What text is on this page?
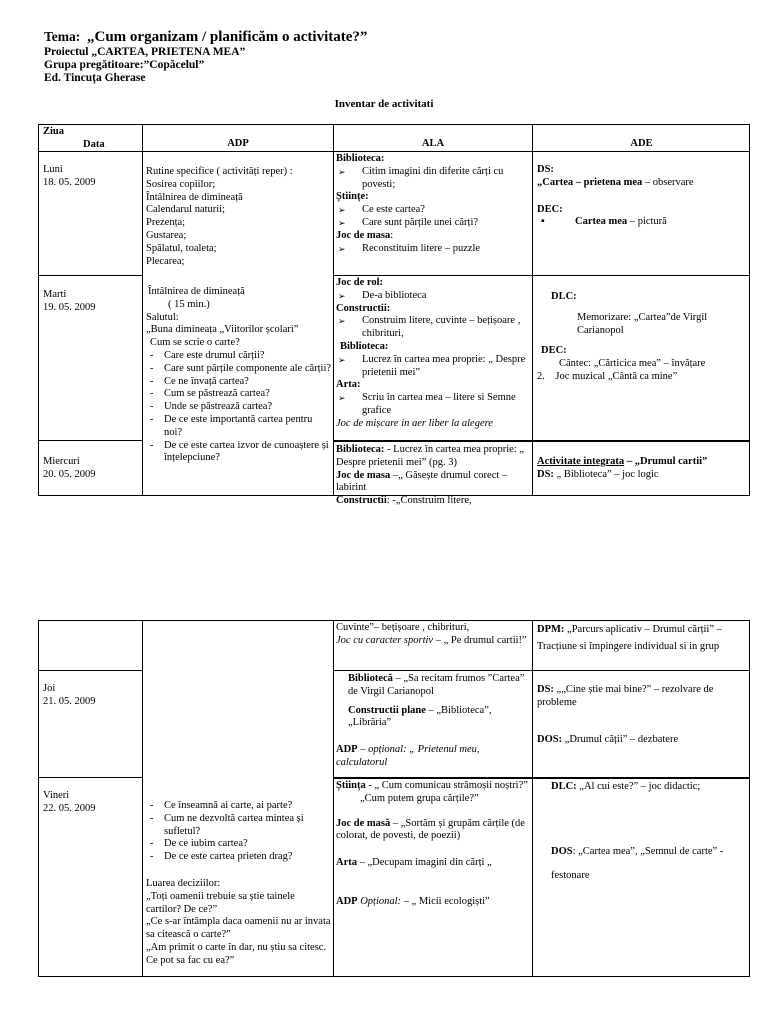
Tema: „Cum organizam / planificăm o activitate?”
Proiectul „CARTEA, PRIETENA MEA”
Grupa pregătitoare:”Copăcelul”
Ed. Tincuța Gherase
Inventar de activitati
Ziua
Data	ADP	ALA	ADE
Luni
18. 05. 2009
Rutine specifice ( activități reper) :
Sosirea copiilor;
Întâlnirea de dimineață
Calendarul naturii;
Prezența;
Gustarea;
Spălatul, toaleta;
Plecarea;
Biblioteca:
➢ Citim imagini din diferite cărți cu povesti;
Științe:
➢ Ce este cartea?
➢ Care sunt părțile unei cărți?
Joc de masa:
➢ Reconstituim litere – puzzle
DS:
„Cartea – prietena mea – observare
DEC:
▪ Cartea mea – pictură
Marti
19. 05. 2009
Întâlnirea de dimineață
( 15 min.)
Salutul:
„Buna dimineața „Viitorilor școlari”
Cum se scrie o carte?
- Care este drumul cărții?
- Care sunt părțile componente ale cărții?
- Ce ne învață cartea?
- Cum se păstrează cartea?
- Unde se păstrează cartea?
- De ce este importantă cartea pentru noi?
- De ce este cartea izvor de cunoaștere și înțelepciune?
Joc de rol:
➢ De-a biblioteca
Constructii:
➢ Construim litere, cuvinte – bețișoare , chibrituri,
Biblioteca:
➢ Lucrez în cartea mea proprie: „ Despre prietenii mei”
Arta:
➢ Scriu în cartea mea – litere si Semne grafice
Joc de mișcare in aer liber la alegere
DLC:
Memorizare: „Cartea”de Virgil Carianopol
DEC:
Cântec: „Cărticica mea” – învățare
2. Joc muzical „Cântă ca mine”
Miercuri
20. 05. 2009
Biblioteca: - Lucrez în cartea mea proprie: „ Despre prietenii mei” (pg. 3)
Joc de masa –„ Găsește drumul corect – labirint
Constructii: -„Construim litere,
Activitate integrata – „Drumul cartii”
DS: „ Biblioteca” – joc logic
Cuvinte”– bețișoare , chibrituri,
Joc cu caracter sportiv – „ Pe drumul cartii!”
DPM: „Parcurs aplicativ – Drumul cărții” – Tracțiune si împingere individual si in grup
Joi
21. 05. 2009
Bibliotecă – „Sa recitam frumos ”Cartea” de Virgil Carianopol
Constructii plane – „Biblioteca”, „Librăria”
ADP – opțional: „ Prietenul meu, calculatorul
DS: „„Cine știe mai bine?” – rezolvare de probleme
DOS: „Drumul cății” – dezbatere
Vineri
22. 05. 2009
-	Ce înseamnă ai carte, ai parte?
- Cum ne dezvoltă cartea mintea și sufletul?
- De ce iubim cartea?
- De ce este cartea prieten drag?
Luarea deciziilor:
„Toți oamenii trebuie sa știe tainele cartilor? De ce?”
„Ce s-ar întâmpla daca oamenii nu ar invata sa citească o carte?”
„Am primit o carte în dar, nu știu sa citesc. Ce pot sa fac cu ea?”
Știința - „ Cum comunicau strămoșii noștri?”
„Cum putem grupa cărțile?”
Joc de masă – „Sortăm și grupăm cărțile (de colorat, de povesti, de poezii)
Arta – „Decupam imagini din cărți „
ADP Opțional: – „ Micii ecologiști”
DLC: „Al cui este?” – joc didactic;
DOS: „Cartea mea”, „Semnul de carte” - festonare
